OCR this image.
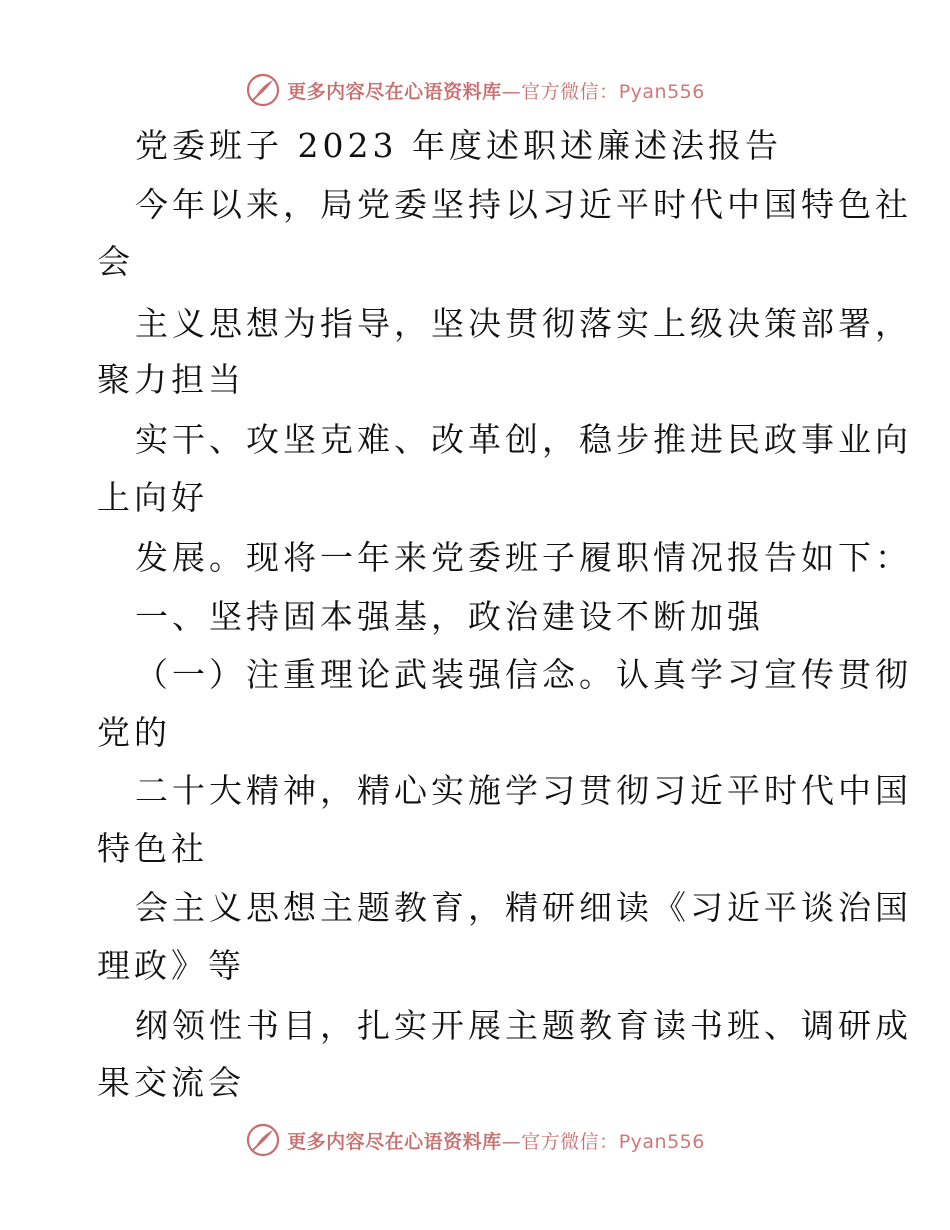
更多内容尽在心语资料库—官方微信：Pyan556
党委班子 2023 年度述职述廉述法报告
今年以来，局党委坚持以习近平时代中国特色社
会
主义思想为指导，坚决贯彻落实上级决策部署，
聚力担当
实干、攻坚克难、改革创，稳步推进民政事业向
上向好
发展。现将一年来党委班子履职情况报告如下：
一、坚持固本强基，政治建设不断加强
（一）注重理论武装强信念。认真学习宣传贯彻
党的
二十大精神，精心实施学习贯彻习近平时代中国
特色社
会主义思想主题教育，精研细读《习近平谈治国
理政》等
纲领性书目，扎实开展主题教育读书班、调研成
果交流会
更多内容尽在心语资料库—官方微信：Pyan556
